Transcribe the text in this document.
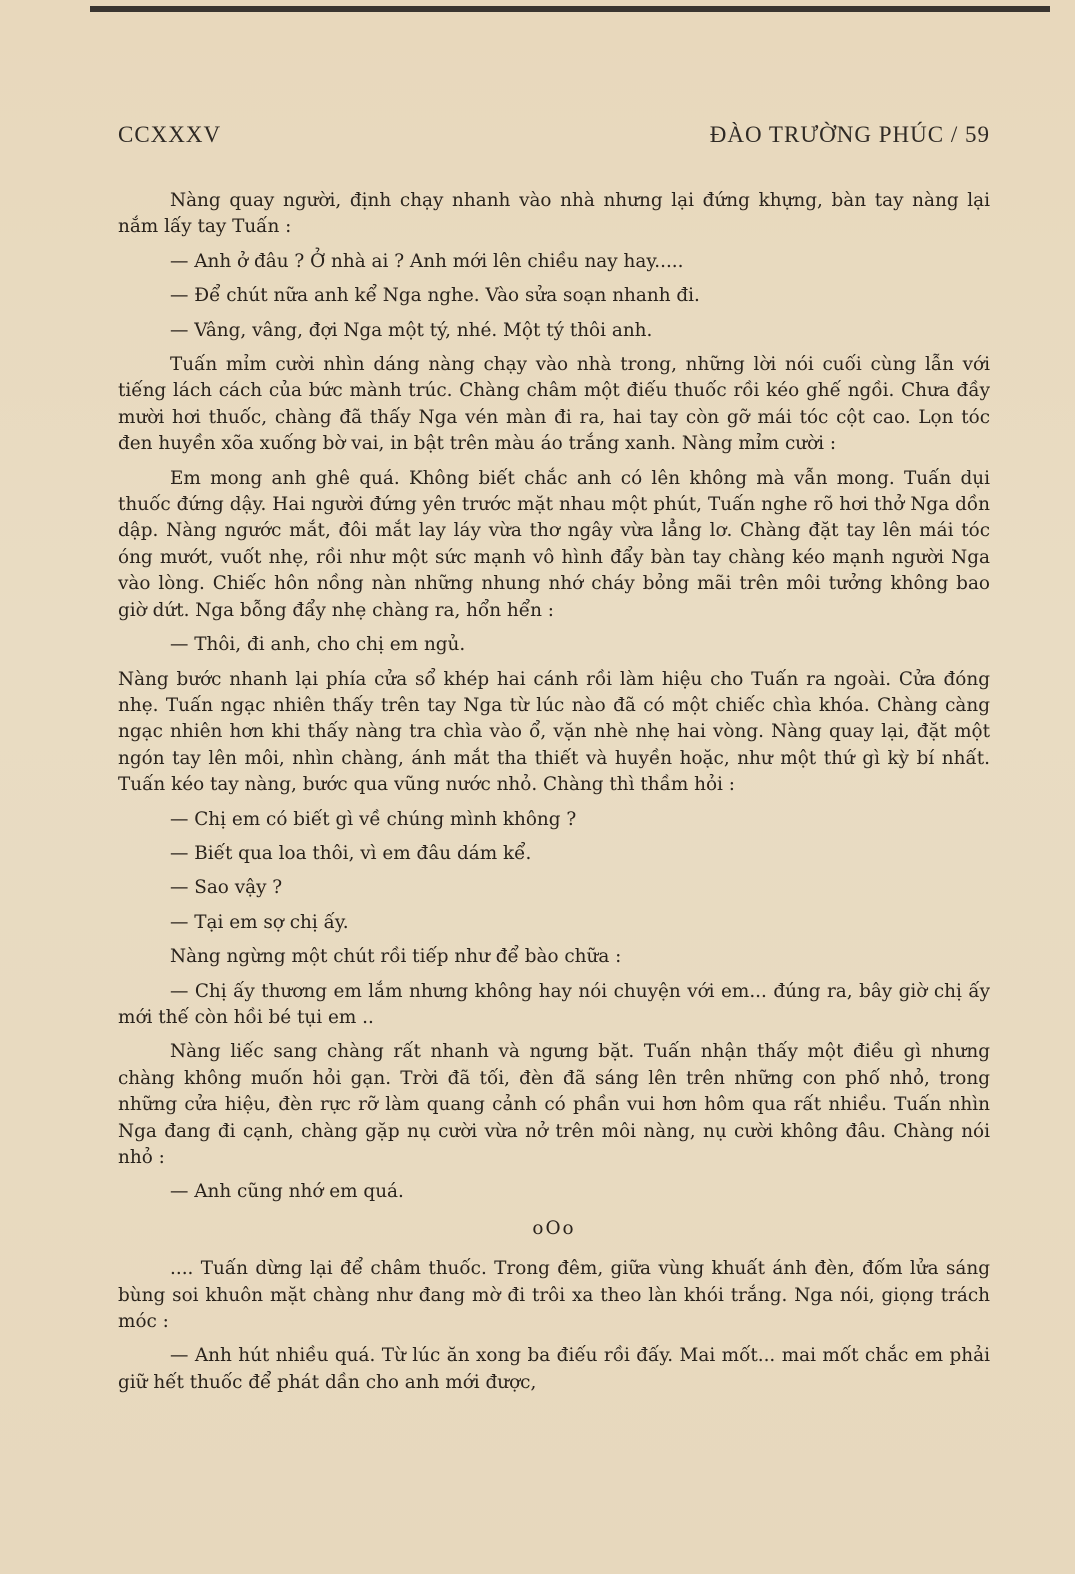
CCXXXV	ĐÀO TRƯỜNG PHÚC / 59

Nàng quay người, định chạy nhanh vào nhà nhưng lại đứng khựng, bàn tay nàng lại nắm lấy tay Tuấn :

— Anh ở đâu ? Ở nhà ai ? Anh mới lên chiều nay hay.....

— Để chút nữa anh kể Nga nghe. Vào sửa soạn nhanh đi.

— Vâng, vâng, đợi Nga một tý, nhé. Một tý thôi anh.

Tuấn mỉm cười nhìn dáng nàng chạy vào nhà trong, những lời nói cuối cùng lẫn với tiếng lách cách của bức mành trúc. Chàng châm một điếu thuốc rồi kéo ghế ngồi. Chưa đầy mười hơi thuốc, chàng đã thấy Nga vén màn đi ra, hai tay còn gỡ mái tóc cột cao. Lọn tóc đen huyền xõa xuống bờ vai, in bật trên màu áo trắng xanh. Nàng mỉm cười :

Em mong anh ghê quá. Không biết chắc anh có lên không mà vẫn mong. Tuấn dụi thuốc đứng dậy. Hai người đứng yên trước mặt nhau một phút, Tuấn nghe rõ hơi thở Nga dồn dập. Nàng ngước mắt, đôi mắt lay láy vừa thơ ngây vừa lẳng lơ. Chàng đặt tay lên mái tóc óng mướt, vuốt nhẹ, rồi như một sức mạnh vô hình đẩy bàn tay chàng kéo mạnh người Nga vào lòng. Chiếc hôn nồng nàn những nhung nhớ cháy bỏng mãi trên môi tưởng không bao giờ dứt. Nga bỗng đẩy nhẹ chàng ra, hổn hển :

— Thôi, đi anh, cho chị em ngủ.

Nàng bước nhanh lại phía cửa sổ khép hai cánh rồi làm hiệu cho Tuấn ra ngoài. Cửa đóng nhẹ. Tuấn ngạc nhiên thấy trên tay Nga từ lúc nào đã có một chiếc chìa khóa. Chàng càng ngạc nhiên hơn khi thấy nàng tra chìa vào ổ, vặn nhè nhẹ hai vòng. Nàng quay lại, đặt một ngón tay lên môi, nhìn chàng, ánh mắt tha thiết và huyền hoặc, như một thứ gì kỳ bí nhất. Tuấn kéo tay nàng, bước qua vũng nước nhỏ. Chàng thì thầm hỏi :

— Chị em có biết gì về chúng mình không ?

— Biết qua loa thôi, vì em đâu dám kể.

— Sao vậy ?

— Tại em sợ chị ấy.

Nàng ngừng một chút rồi tiếp như để bào chữa :

— Chị ấy thương em lắm nhưng không hay nói chuyện với em... đúng ra, bây giờ chị ấy mới thế còn hồi bé tụi em ..

Nàng liếc sang chàng rất nhanh và ngưng bặt. Tuấn nhận thấy một điều gì nhưng chàng không muốn hỏi gạn. Trời đã tối, đèn đã sáng lên trên những con phố nhỏ, trong những cửa hiệu, đèn rực rỡ làm quang cảnh có phần vui hơn hôm qua rất nhiều. Tuấn nhìn Nga đang đi cạnh, chàng gặp nụ cười vừa nở trên môi nàng, nụ cười không đâu. Chàng nói nhỏ :

— Anh cũng nhớ em quá.

oOo

.... Tuấn dừng lại để châm thuốc. Trong đêm, giữa vùng khuất ánh đèn, đốm lửa sáng bùng soi khuôn mặt chàng như đang mờ đi trôi xa theo làn khói trắng. Nga nói, giọng trách móc :

— Anh hút nhiều quá. Từ lúc ăn xong ba điếu rồi đấy. Mai mốt... mai mốt chắc em phải giữ hết thuốc để phát dần cho anh mới được,
